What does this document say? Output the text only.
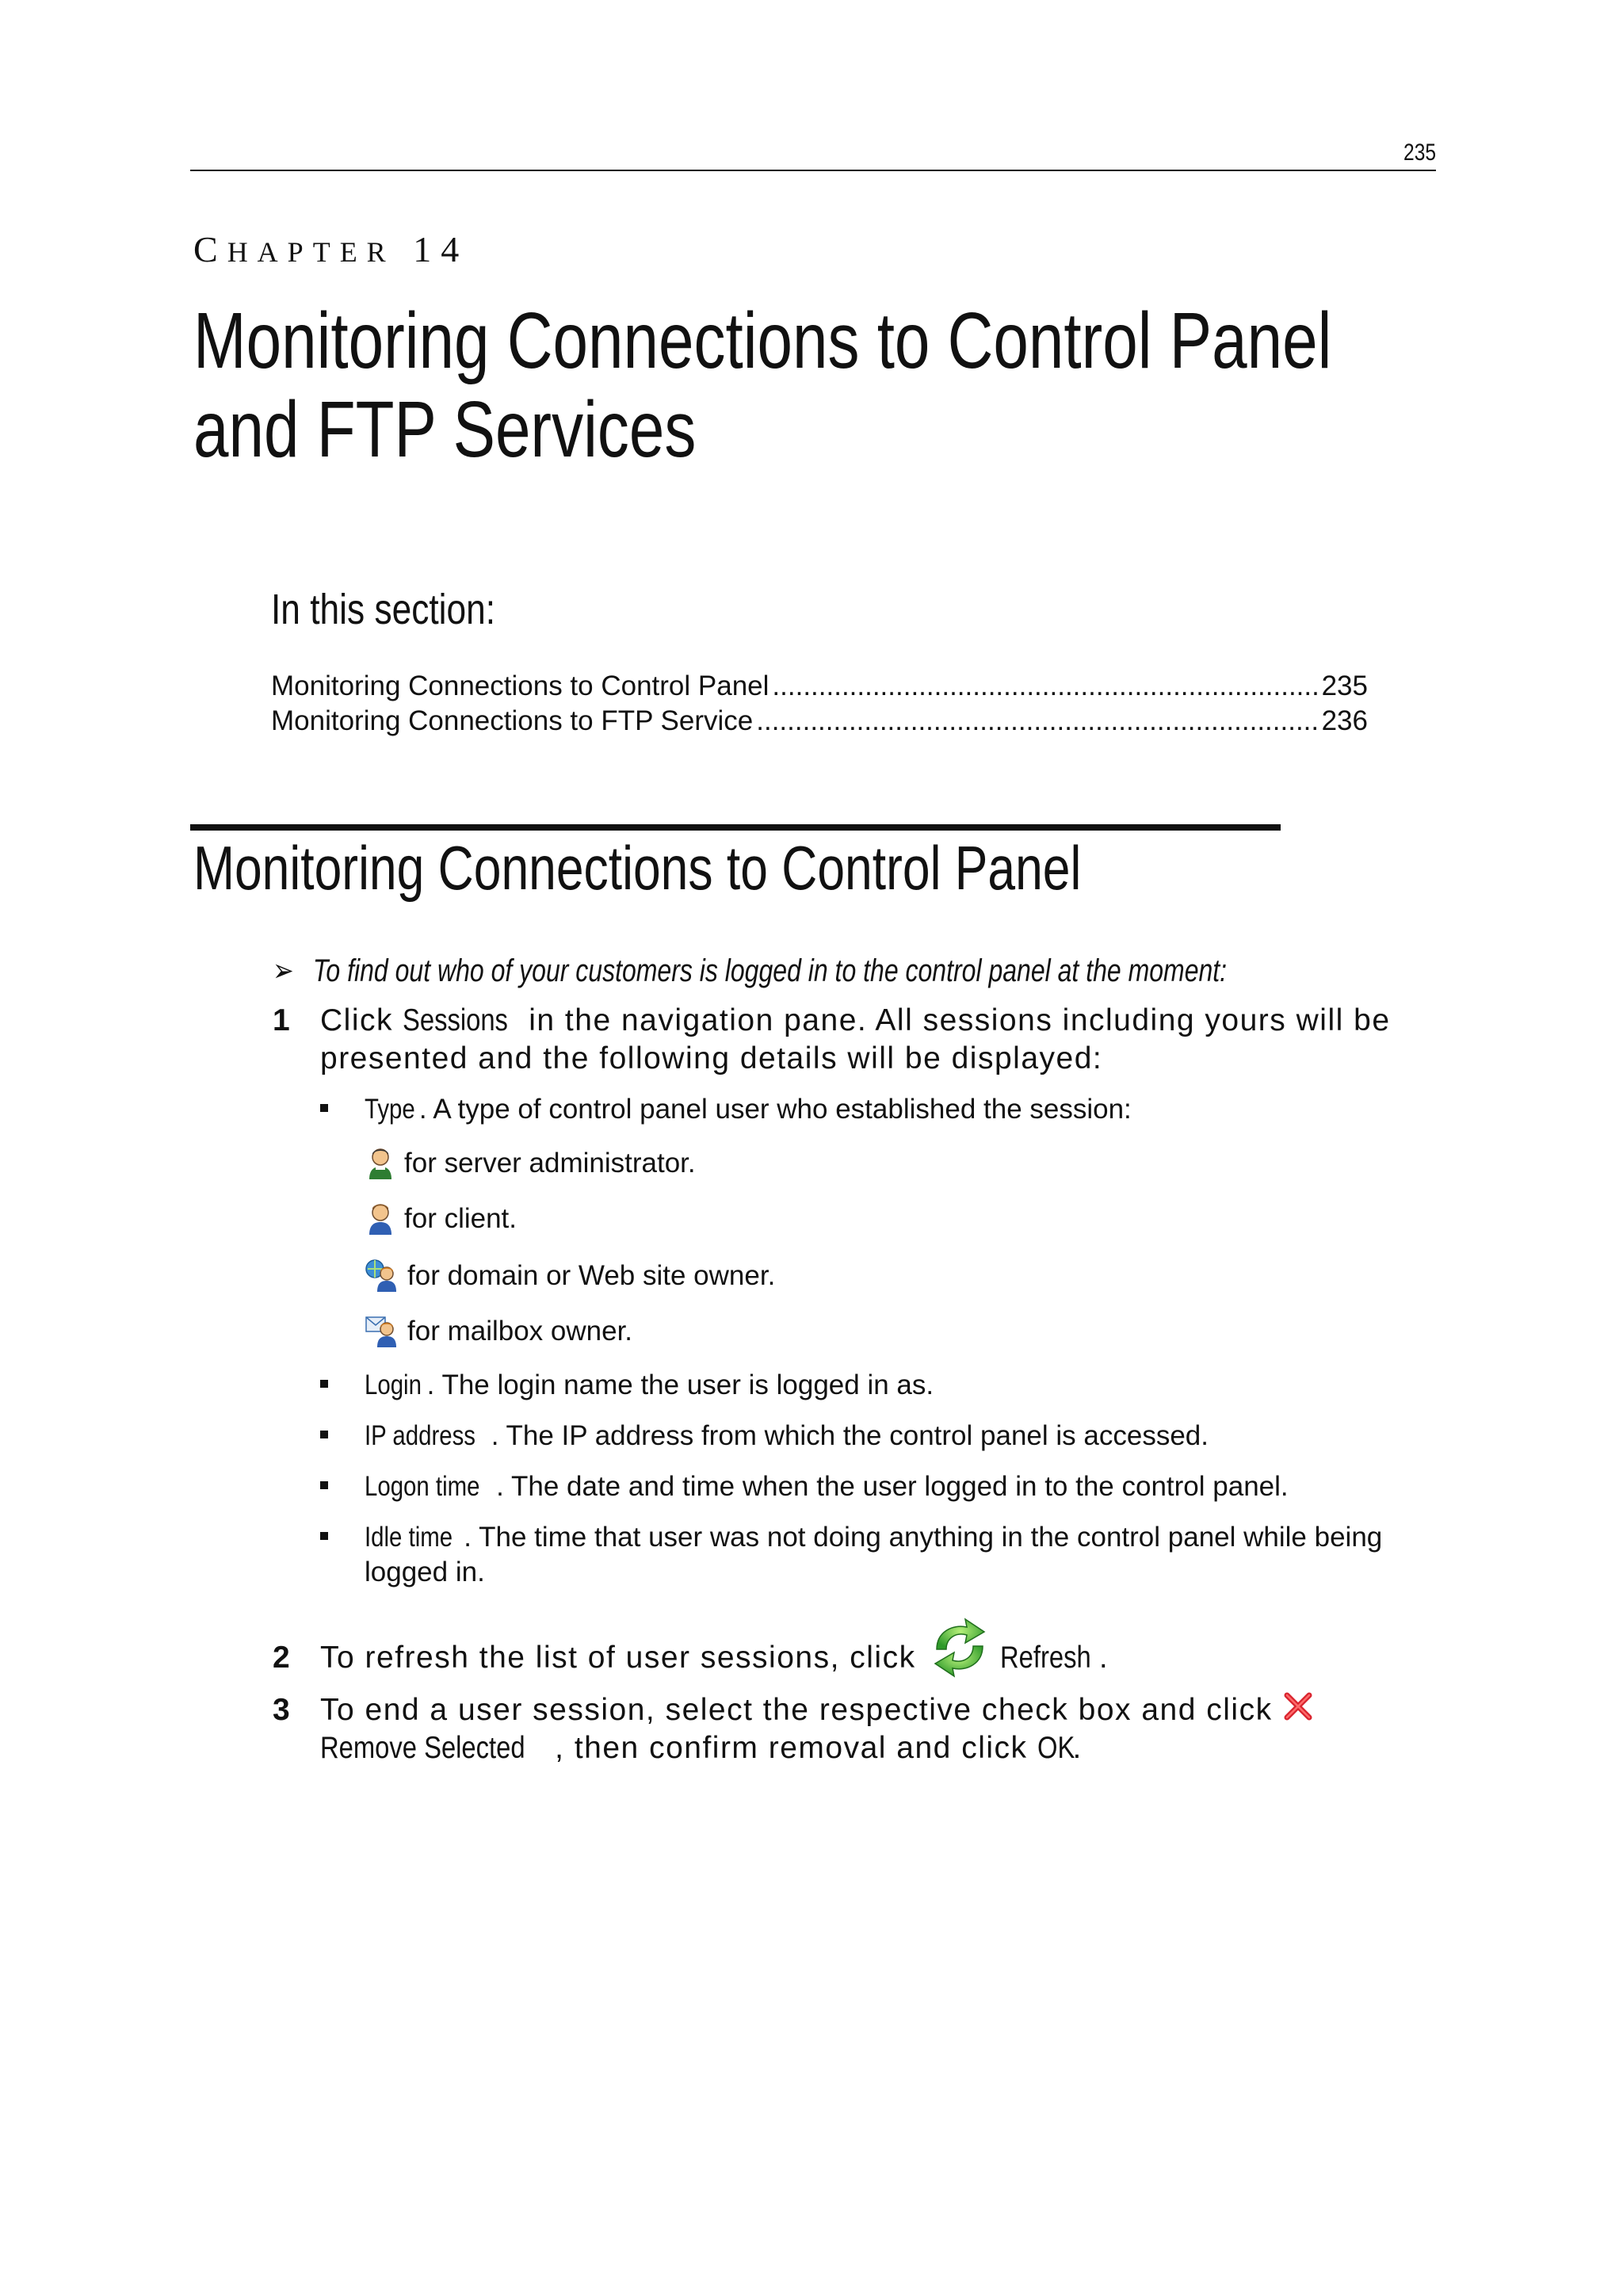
235
CHAPTER 14
Monitoring Connections to Control Panel
and FTP Services
In this section:
Monitoring Connections to Control Panel .....	235
Monitoring Connections to FTP Service .....	236
Monitoring Connections to Control Panel
➢ To find out who of your customers is logged in to the control panel at the moment:
1 Click Sessions in the navigation pane. All sessions including yours will be presented and the following details will be displayed:
Type . A type of control panel user who established the session:
for server administrator.
for client.
for domain or Web site owner.
for mailbox owner.
Login . The login name the user is logged in as.
IP address . The IP address from which the control panel is accessed.
Logon time . The date and time when the user logged in to the control panel.
Idle time . The time that user was not doing anything in the control panel while being logged in.
2 To refresh the list of user sessions, click Refresh .
3 To end a user session, select the respective check box and click
Remove Selected , then confirm removal and click OK.
